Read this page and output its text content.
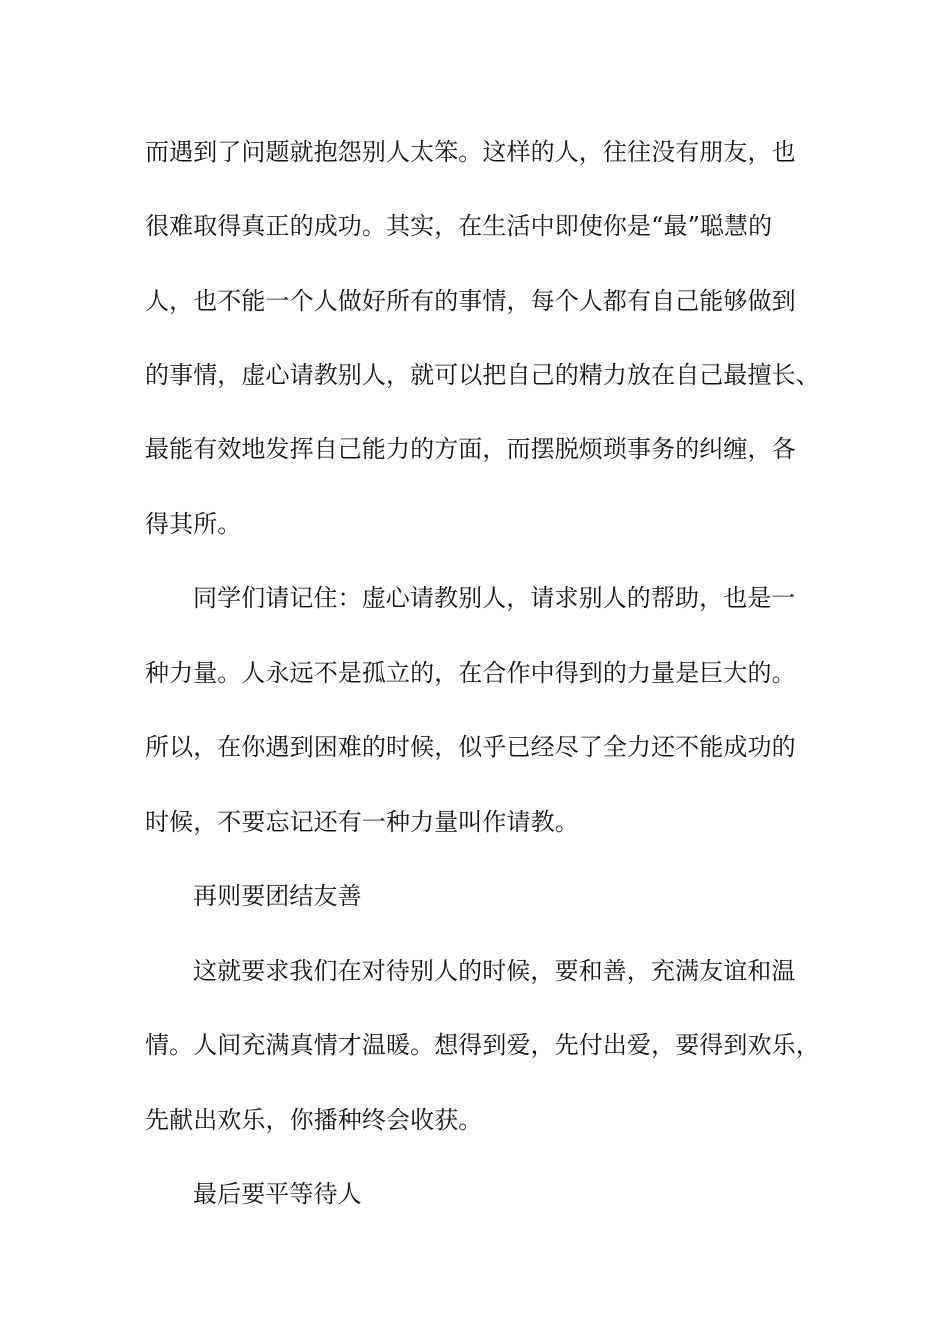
而遇到了问题就抱怨别人太笨。这样的人，往往没有朋友，也
很难取得真正的成功。其实，在生活中即使你是“最”聪慧的
人，也不能一个人做好所有的事情，每个人都有自己能够做到
的事情，虚心请教别人，就可以把自己的精力放在自己最擅长、
最能有效地发挥自己能力的方面，而摆脱烦琐事务的纠缠，各
得其所。
同学们请记住：虚心请教别人，请求别人的帮助，也是一
种力量。人永远不是孤立的，在合作中得到的力量是巨大的。
所以，在你遇到困难的时候，似乎已经尽了全力还不能成功的
时候，不要忘记还有一种力量叫作请教。
再则要团结友善
这就要求我们在对待别人的时候，要和善，充满友谊和温
情。人间充满真情才温暖。想得到爱，先付出爱，要得到欢乐，
先献出欢乐，你播种终会收获。
最后要平等待人
